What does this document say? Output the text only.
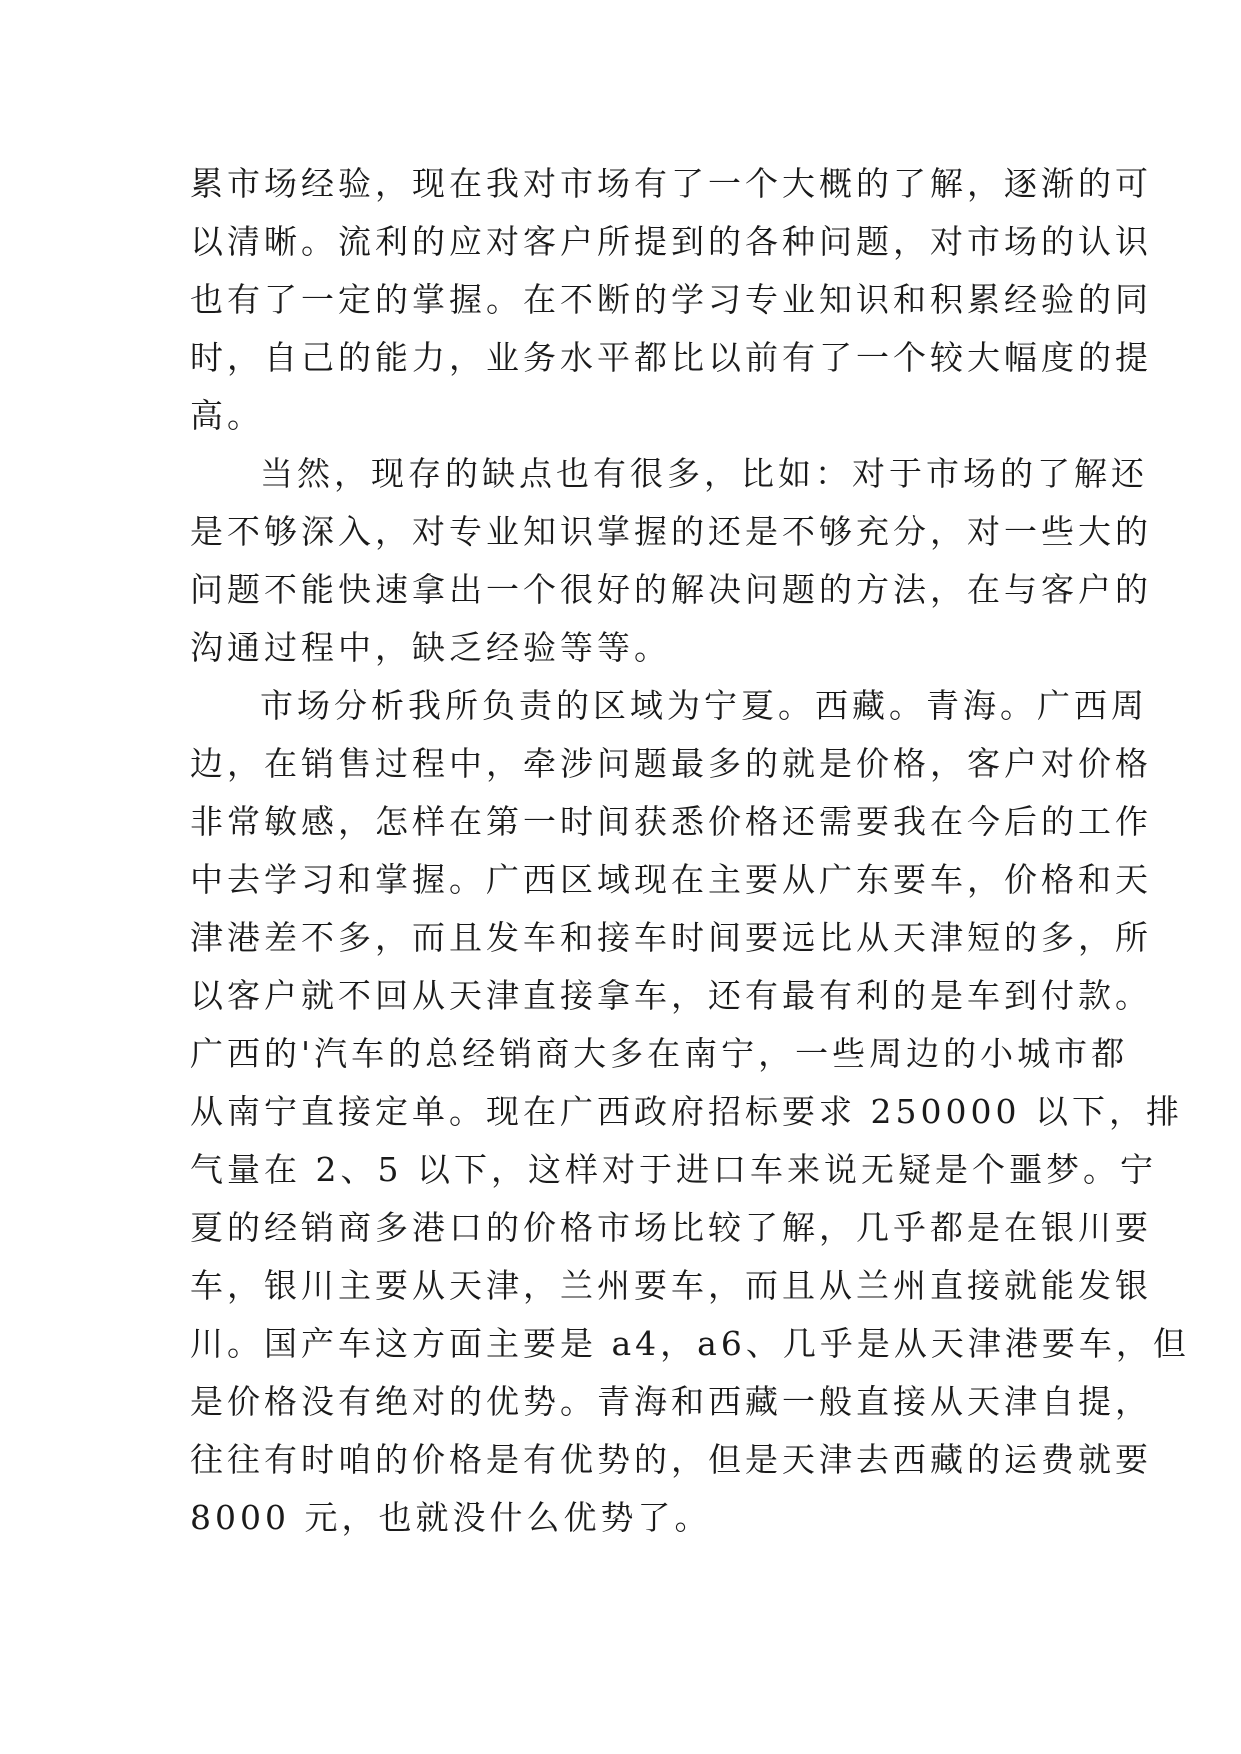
累市场经验，现在我对市场有了一个大概的了解，逐渐的可
以清晰。流利的应对客户所提到的各种问题，对市场的认识
也有了一定的掌握。在不断的学习专业知识和积累经验的同
时，自己的能力，业务水平都比以前有了一个较大幅度的提
高。
当然，现存的缺点也有很多，比如：对于市场的了解还
是不够深入，对专业知识掌握的还是不够充分，对一些大的
问题不能快速拿出一个很好的解决问题的方法，在与客户的
沟通过程中，缺乏经验等等。
市场分析我所负责的区域为宁夏。西藏。青海。广西周
边，在销售过程中，牵涉问题最多的就是价格，客户对价格
非常敏感，怎样在第一时间获悉价格还需要我在今后的工作
中去学习和掌握。广西区域现在主要从广东要车，价格和天
津港差不多，而且发车和接车时间要远比从天津短的多，所
以客户就不回从天津直接拿车，还有最有利的是车到付款。
广西的'汽车的总经销商大多在南宁，一些周边的小城市都
从南宁直接定单。现在广西政府招标要求 250000 以下，排
气量在 2、5 以下，这样对于进口车来说无疑是个噩梦。宁
夏的经销商多港口的价格市场比较了解，几乎都是在银川要
车，银川主要从天津，兰州要车，而且从兰州直接就能发银
川。国产车这方面主要是 a4，a6、几乎是从天津港要车，但
是价格没有绝对的优势。青海和西藏一般直接从天津自提，
往往有时咱的价格是有优势的，但是天津去西藏的运费就要
8000 元，也就没什么优势了。
